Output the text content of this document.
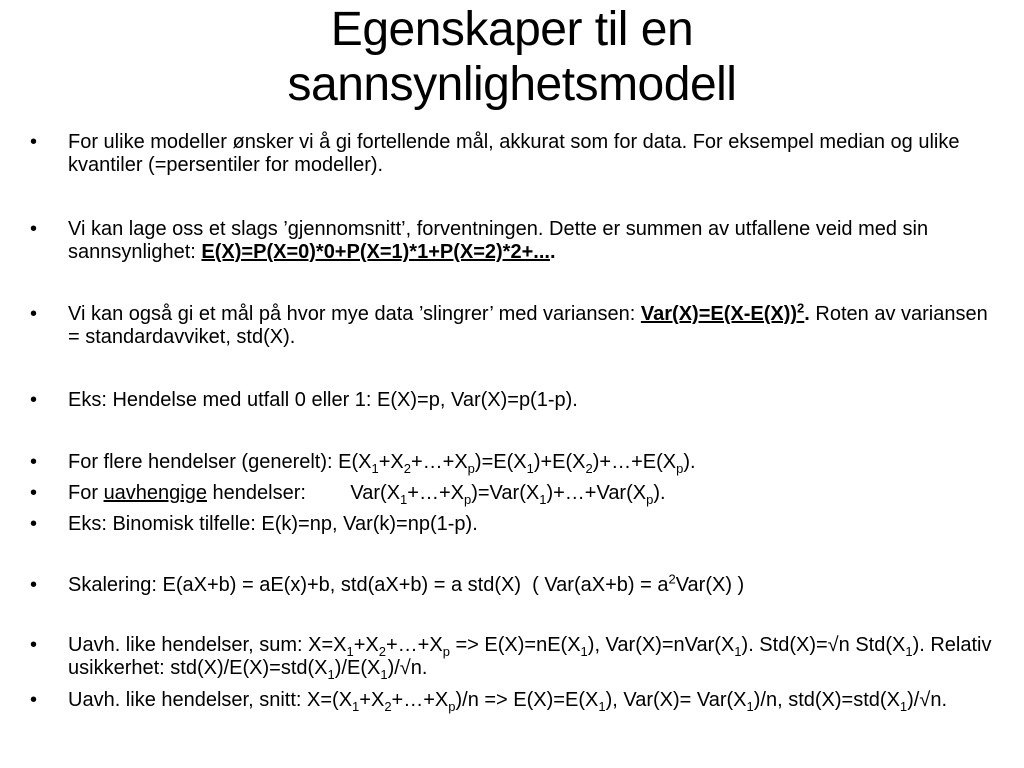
Egenskaper til en
sannsynlighetsmodell
• For ulike modeller ønsker vi å gi fortellende mål, akkurat som for data. For eksempel median og ulike kvantiler (=persentiler for modeller).
• Vi kan lage oss et slags ’gjennomsnitt’, forventningen. Dette er summen av utfallene veid med sin sannsynlighet: E(X)=P(X=0)*0+P(X=1)*1+P(X=2)*2+....
• Vi kan også gi et mål på hvor mye data ’slingrer’ med variansen: $Var(X)=E(X-E(X))^2$. Roten av variansen = standardavviket, std(X).
• Eks: Hendelse med utfall 0 eller 1: E(X)=p, Var(X)=p(1-p).
• For flere hendelser (generelt): $E(X_1+X_2+\dots+X_p)=E(X_1)+E(X_2)+\dots+E(X_p)$.
• For uavhengige hendelser:        $Var(X_1+\dots+X_p)=Var(X_1)+\dots+Var(X_p)$.
• Eks: Binomisk tilfelle: E(k)=np, Var(k)=np(1-p).
• Skalering: E(aX+b) = aE(x)+b, std(aX+b) = a std(X)  ( $Var(aX+b) = a^2Var(X)$ )
• Uavh. like hendelser, sum: $X=X_1+X_2+\dots+X_p => E(X)=nE(X_1)$, $Var(X)=nVar(X_1)$. Std(X)=√n $Std(X_1)$. Relativ usikkerhet: $std(X)/E(X)=std(X_1)/E(X_1)/√n$.
• Uavh. like hendelser, snitt: $X=(X_1+X_2+\dots+X_p)/n => E(X)=E(X_1)$, $Var(X)= Var(X_1)/n$, $std(X)=std(X_1)/√n$.
